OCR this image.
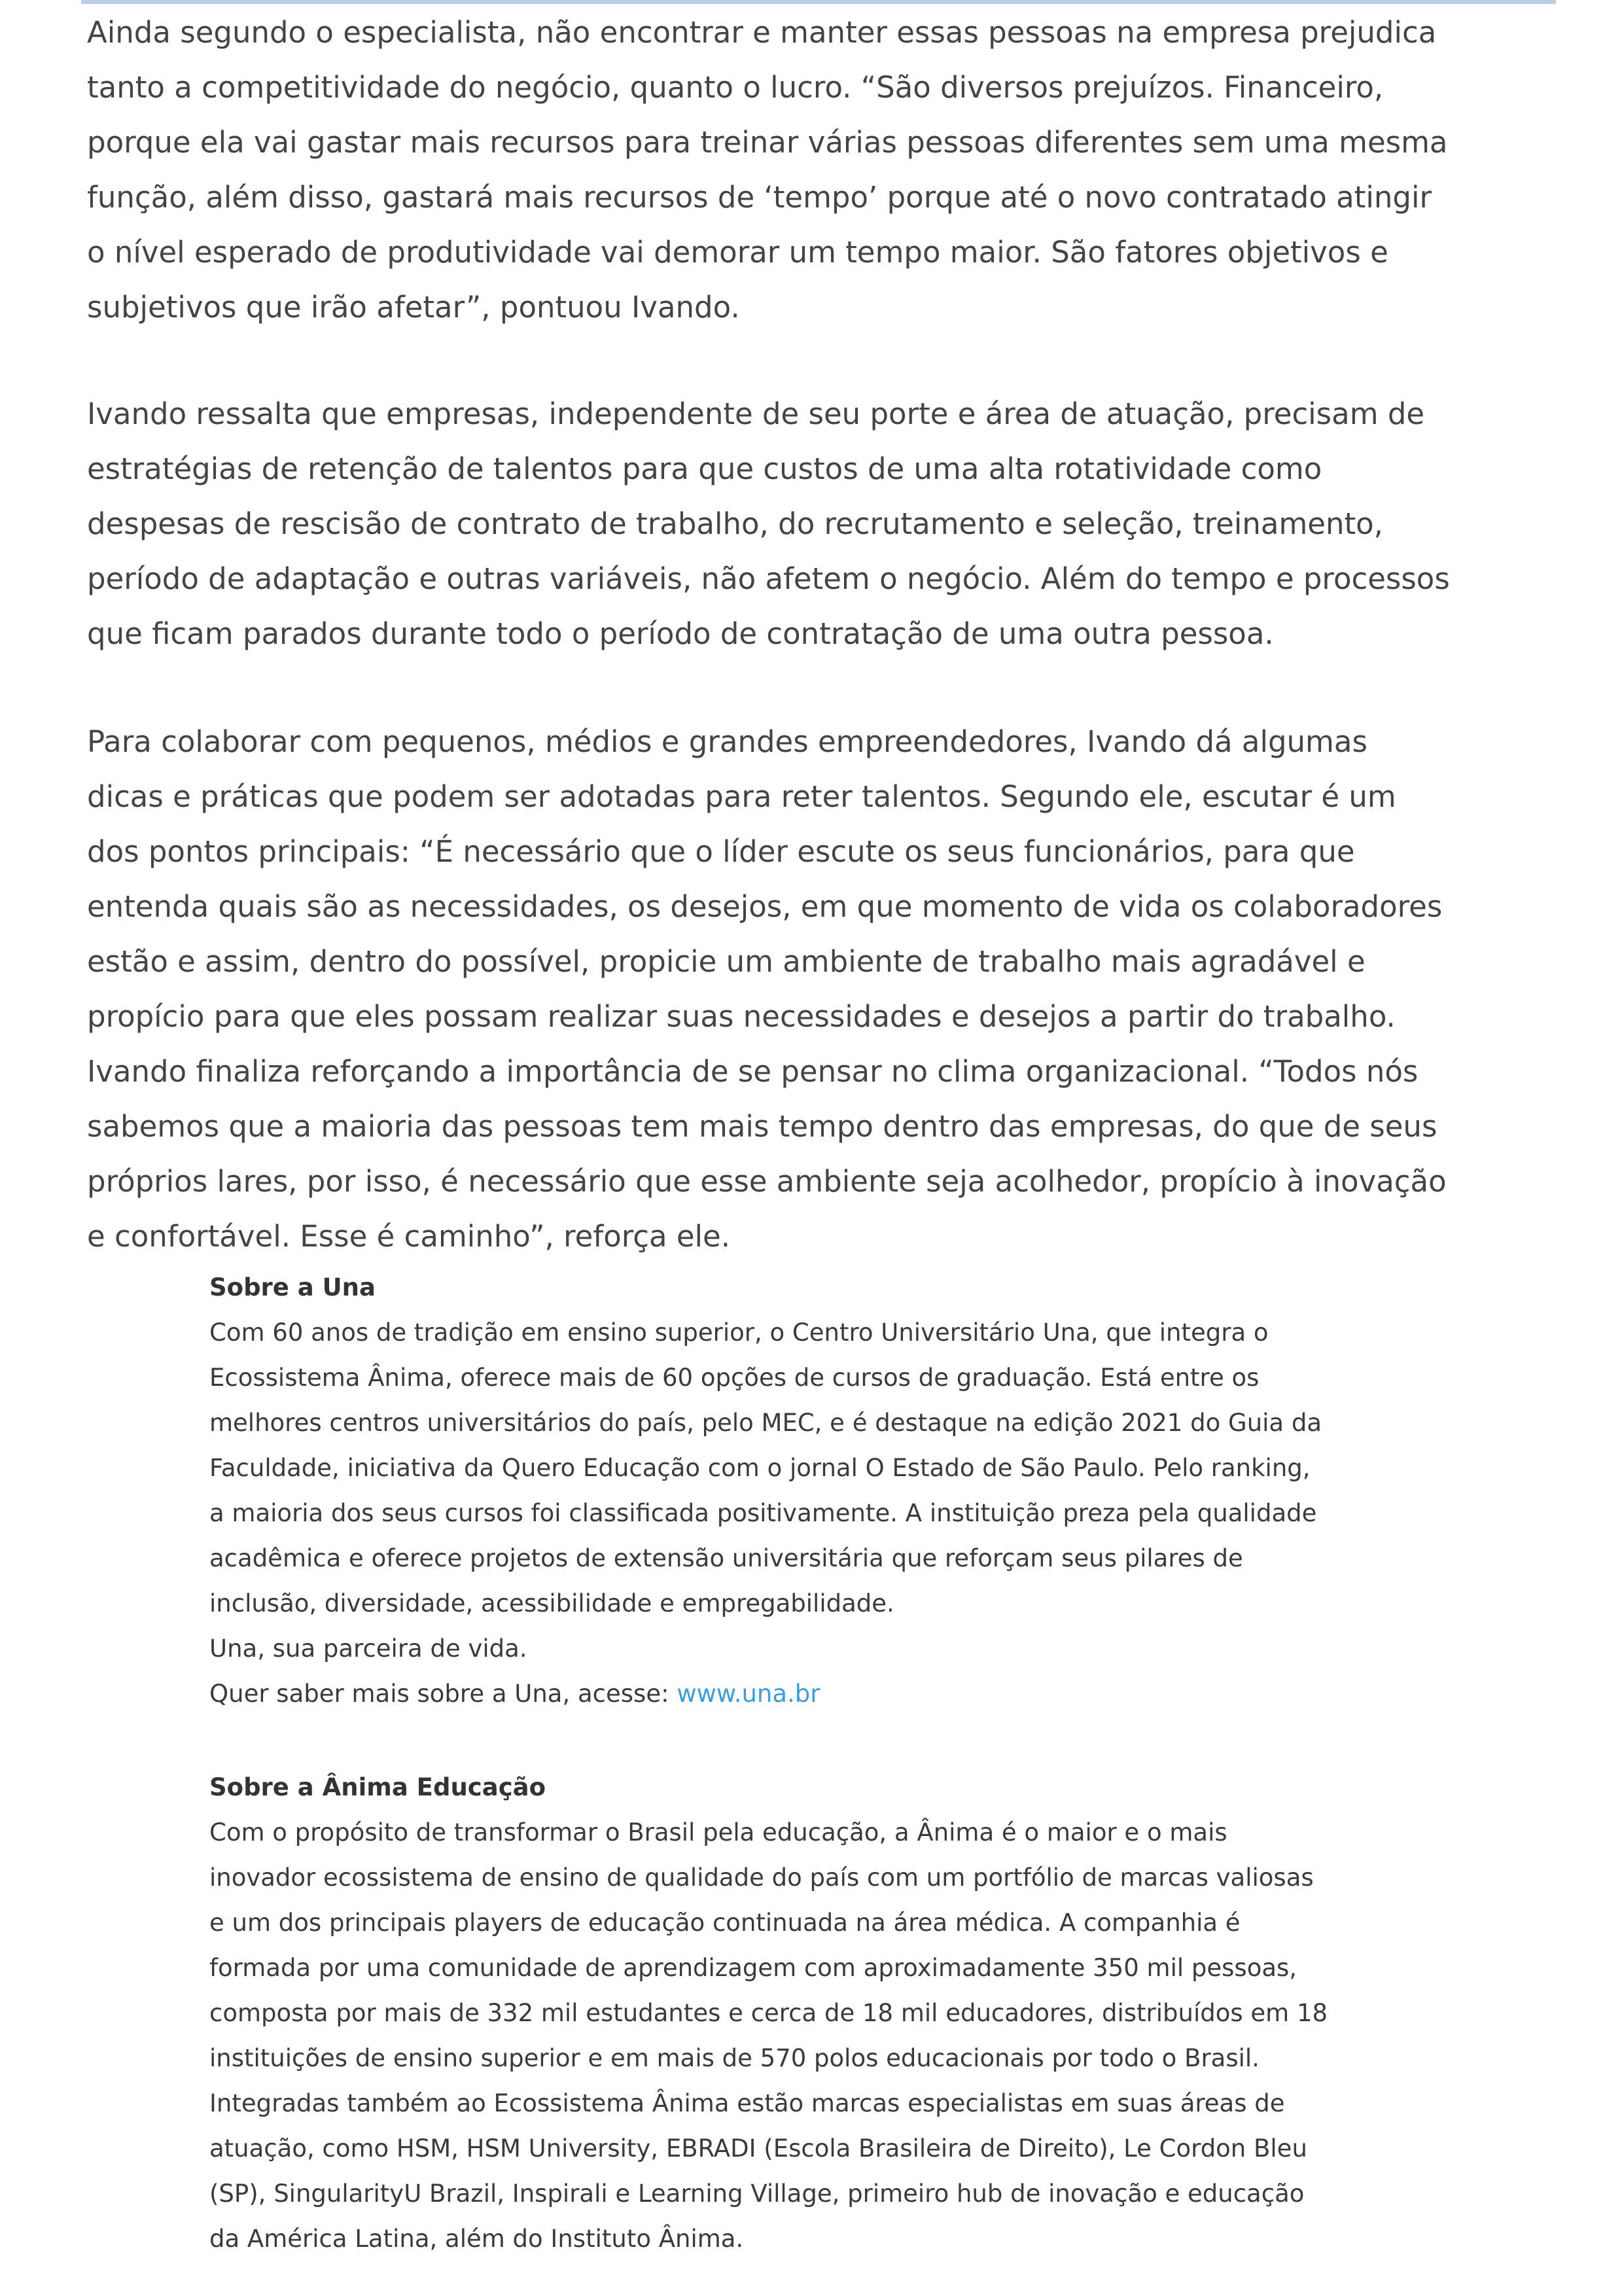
Ainda segundo o especialista, não encontrar e manter essas pessoas na empresa prejudica
tanto a competitividade do negócio, quanto o lucro. “São diversos prejuízos. Financeiro,
porque ela vai gastar mais recursos para treinar várias pessoas diferentes sem uma mesma
função, além disso, gastará mais recursos de ‘tempo’ porque até o novo contratado atingir
o nível esperado de produtividade vai demorar um tempo maior. São fatores objetivos e
subjetivos que irão afetar”, pontuou Ivando.
Ivando ressalta que empresas, independente de seu porte e área de atuação, precisam de
estratégias de retenção de talentos para que custos de uma alta rotatividade como
despesas de rescisão de contrato de trabalho, do recrutamento e seleção, treinamento,
período de adaptação e outras variáveis, não afetem o negócio. Além do tempo e processos
que ficam parados durante todo o período de contratação de uma outra pessoa.
Para colaborar com pequenos, médios e grandes empreendedores, Ivando dá algumas
dicas e práticas que podem ser adotadas para reter talentos. Segundo ele, escutar é um
dos pontos principais: “É necessário que o líder escute os seus funcionários, para que
entenda quais são as necessidades, os desejos, em que momento de vida os colaboradores
estão e assim, dentro do possível, propicie um ambiente de trabalho mais agradável e
propício para que eles possam realizar suas necessidades e desejos a partir do trabalho.
Ivando finaliza reforçando a importância de se pensar no clima organizacional. “Todos nós
sabemos que a maioria das pessoas tem mais tempo dentro das empresas, do que de seus
próprios lares, por isso, é necessário que esse ambiente seja acolhedor, propício à inovação
e confortável. Esse é caminho”, reforça ele.
Sobre a Una
Com 60 anos de tradição em ensino superior, o Centro Universitário Una, que integra o
Ecossistema Ânima, oferece mais de 60 opções de cursos de graduação. Está entre os
melhores centros universitários do país, pelo MEC, e é destaque na edição 2021 do Guia da
Faculdade, iniciativa da Quero Educação com o jornal O Estado de São Paulo. Pelo ranking,
a maioria dos seus cursos foi classificada positivamente. A instituição preza pela qualidade
acadêmica e oferece projetos de extensão universitária que reforçam seus pilares de
inclusão, diversidade, acessibilidade e empregabilidade.
Una, sua parceira de vida.
Quer saber mais sobre a Una, acesse: www.una.br
Sobre a Ânima Educação
Com o propósito de transformar o Brasil pela educação, a Ânima é o maior e o mais
inovador ecossistema de ensino de qualidade do país com um portfólio de marcas valiosas
e um dos principais players de educação continuada na área médica. A companhia é
formada por uma comunidade de aprendizagem com aproximadamente 350 mil pessoas,
composta por mais de 332 mil estudantes e cerca de 18 mil educadores, distribuídos em 18
instituições de ensino superior e em mais de 570 polos educacionais por todo o Brasil.
Integradas também ao Ecossistema Ânima estão marcas especialistas em suas áreas de
atuação, como HSM, HSM University, EBRADI (Escola Brasileira de Direito), Le Cordon Bleu
(SP), SingularityU Brazil, Inspirali e Learning Village, primeiro hub de inovação e educação
da América Latina, além do Instituto Ânima.
